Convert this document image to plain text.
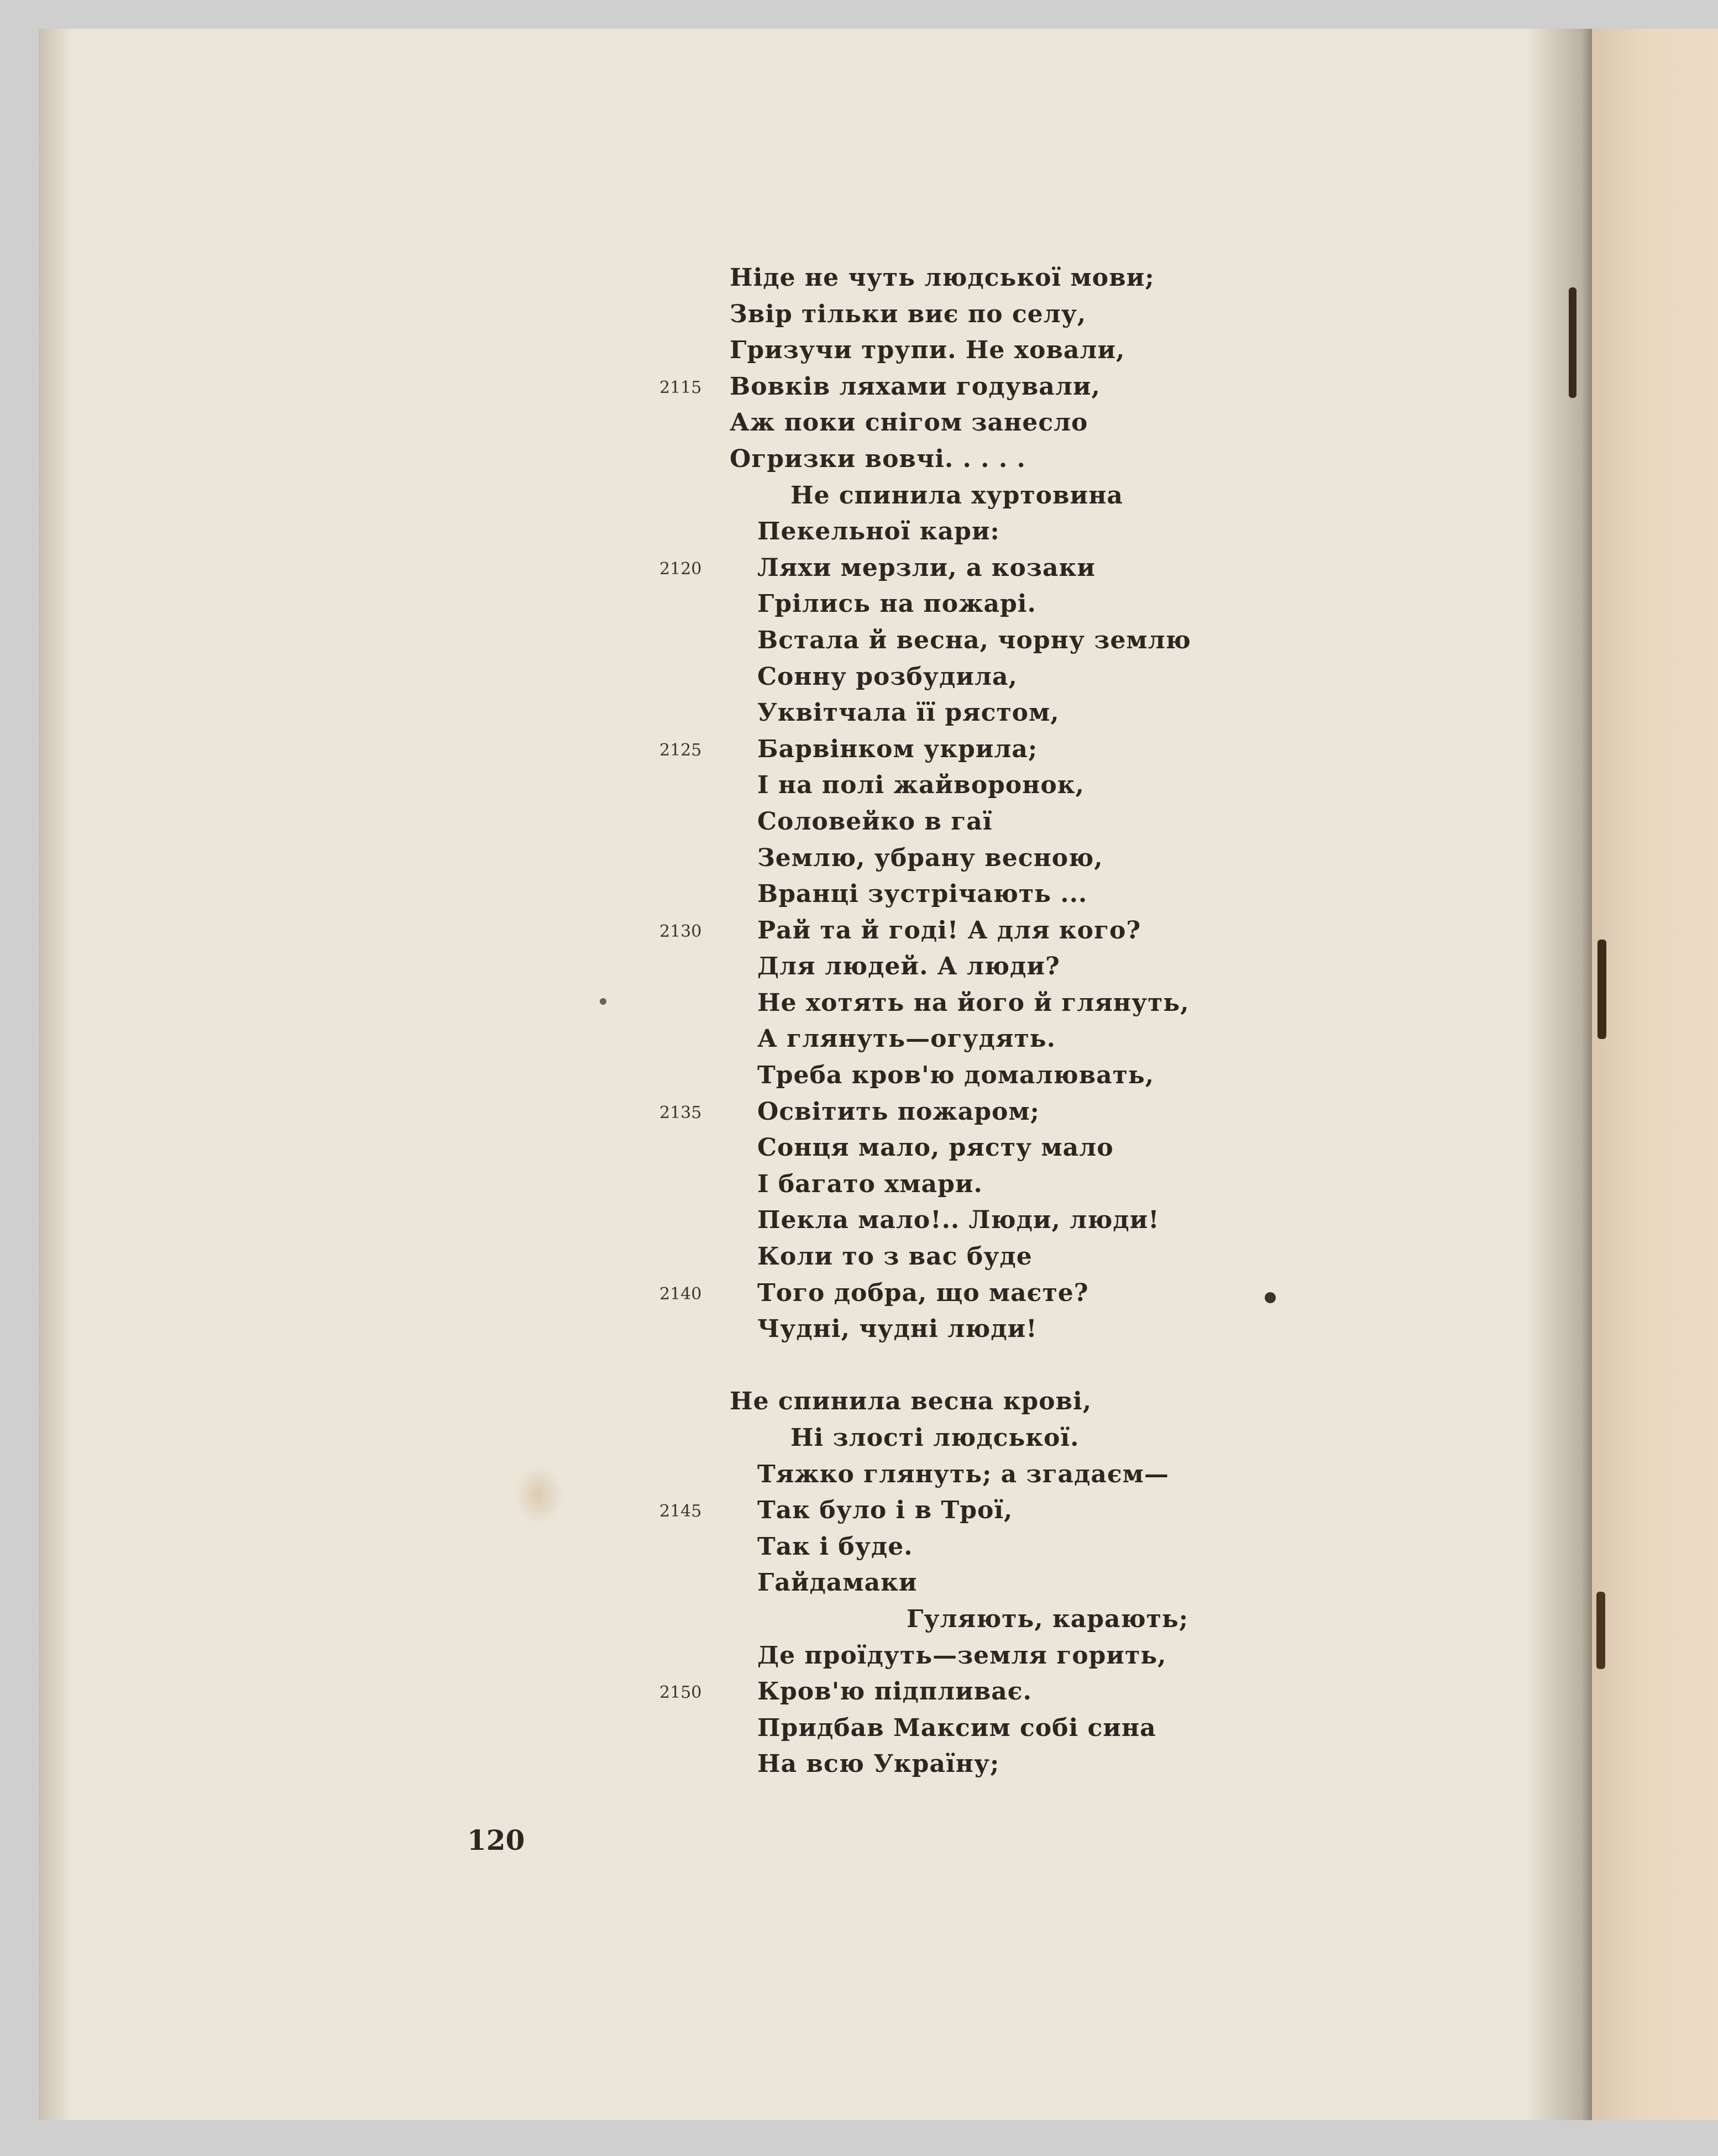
Ніде не чуть людської мови;
Звір тільки виє по селу,
Гризучи трупи. Не ховали,
2115 Вовків ляхами годували,
Аж поки снігом занесло
Огризки вовчі. . . . .
Не спинила хуртовина
Пекельної кари:
2120 Ляхи мерзли, а козаки
Грілись на пожарі.
Встала й весна, чорну землю
Сонну розбудила,
Уквітчала її рястом,
2125 Барвінком укрила;
І на полі жайворонок,
Соловейко в гаї
Землю, убрану весною,
Вранці зустрічають ...
2130 Рай та й годі! А для кого?
Для людей. А люди?
Не хотять на його й глянуть,
А глянуть—огудять.
Треба кров'ю домалювать,
2135 Освітить пожаром;
Сонця мало, рясту мало
І багато хмари.
Пекла мало!.. Люди, люди!
Коли то з вас буде
2140 Того добра, що маєте?
Чудні, чудні люди!
Не спинила весна крові,
Ні злості людської.
Тяжко глянуть; а згадаєм—
2145 Так було і в Трої,
Так і буде.
Гайдамаки
Гуляють, карають;
Де проїдуть—земля горить,
2150 Кров'ю підпливає.
Придбав Максим собі сина
На всю Україну;
120
